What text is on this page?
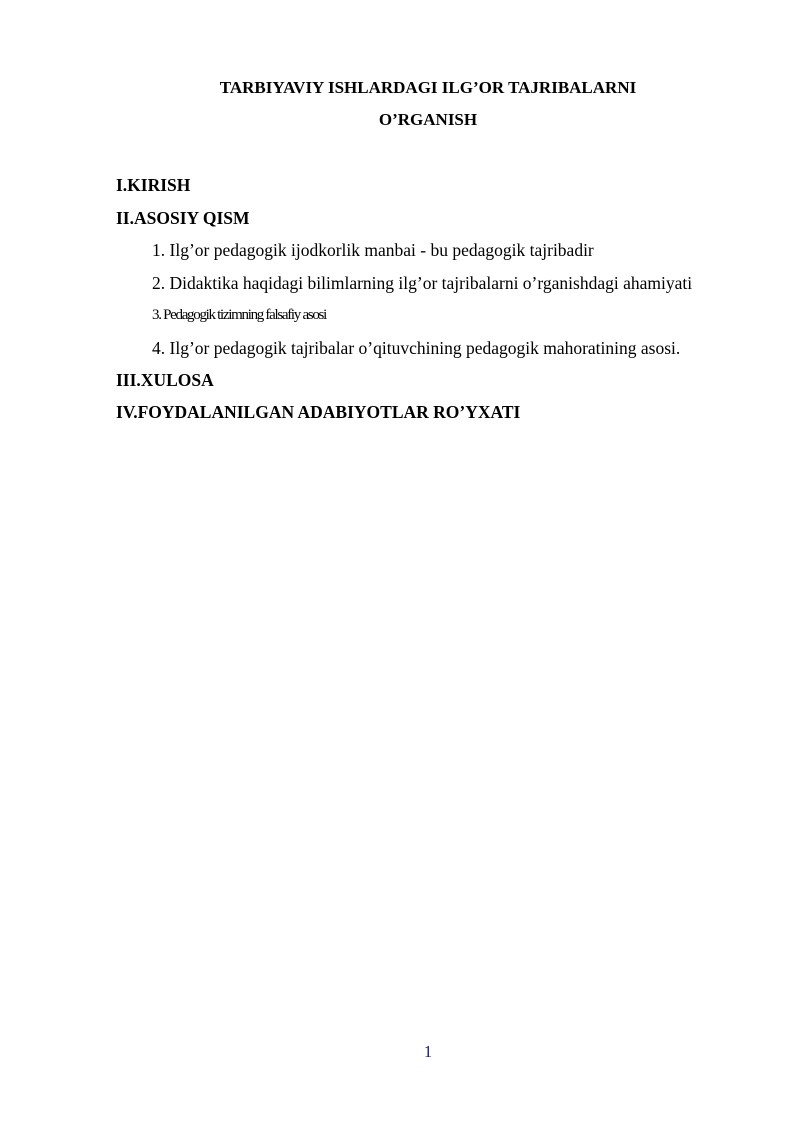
TARBIYAVIY ISHLARDAGI ILG’OR TAJRIBALARNI
O’RGANISH
I.KIRISH
II.ASOSIY QISM
1. Ilg’or pedagogik ijodkorlik manbai - bu pedagogik tajribadir
2. Didaktika haqidagi bilimlarning ilg’or tajribalarni o’rganishdagi ahamiyati
3. Pedagogik tizimning falsafiy asosi
4. Ilg’or pedagogik tajribalar o’qituvchining pedagogik mahoratining asosi.
III.XULOSA
IV.FOYDALANILGAN ADABIYOTLAR RO’YXATI
1
